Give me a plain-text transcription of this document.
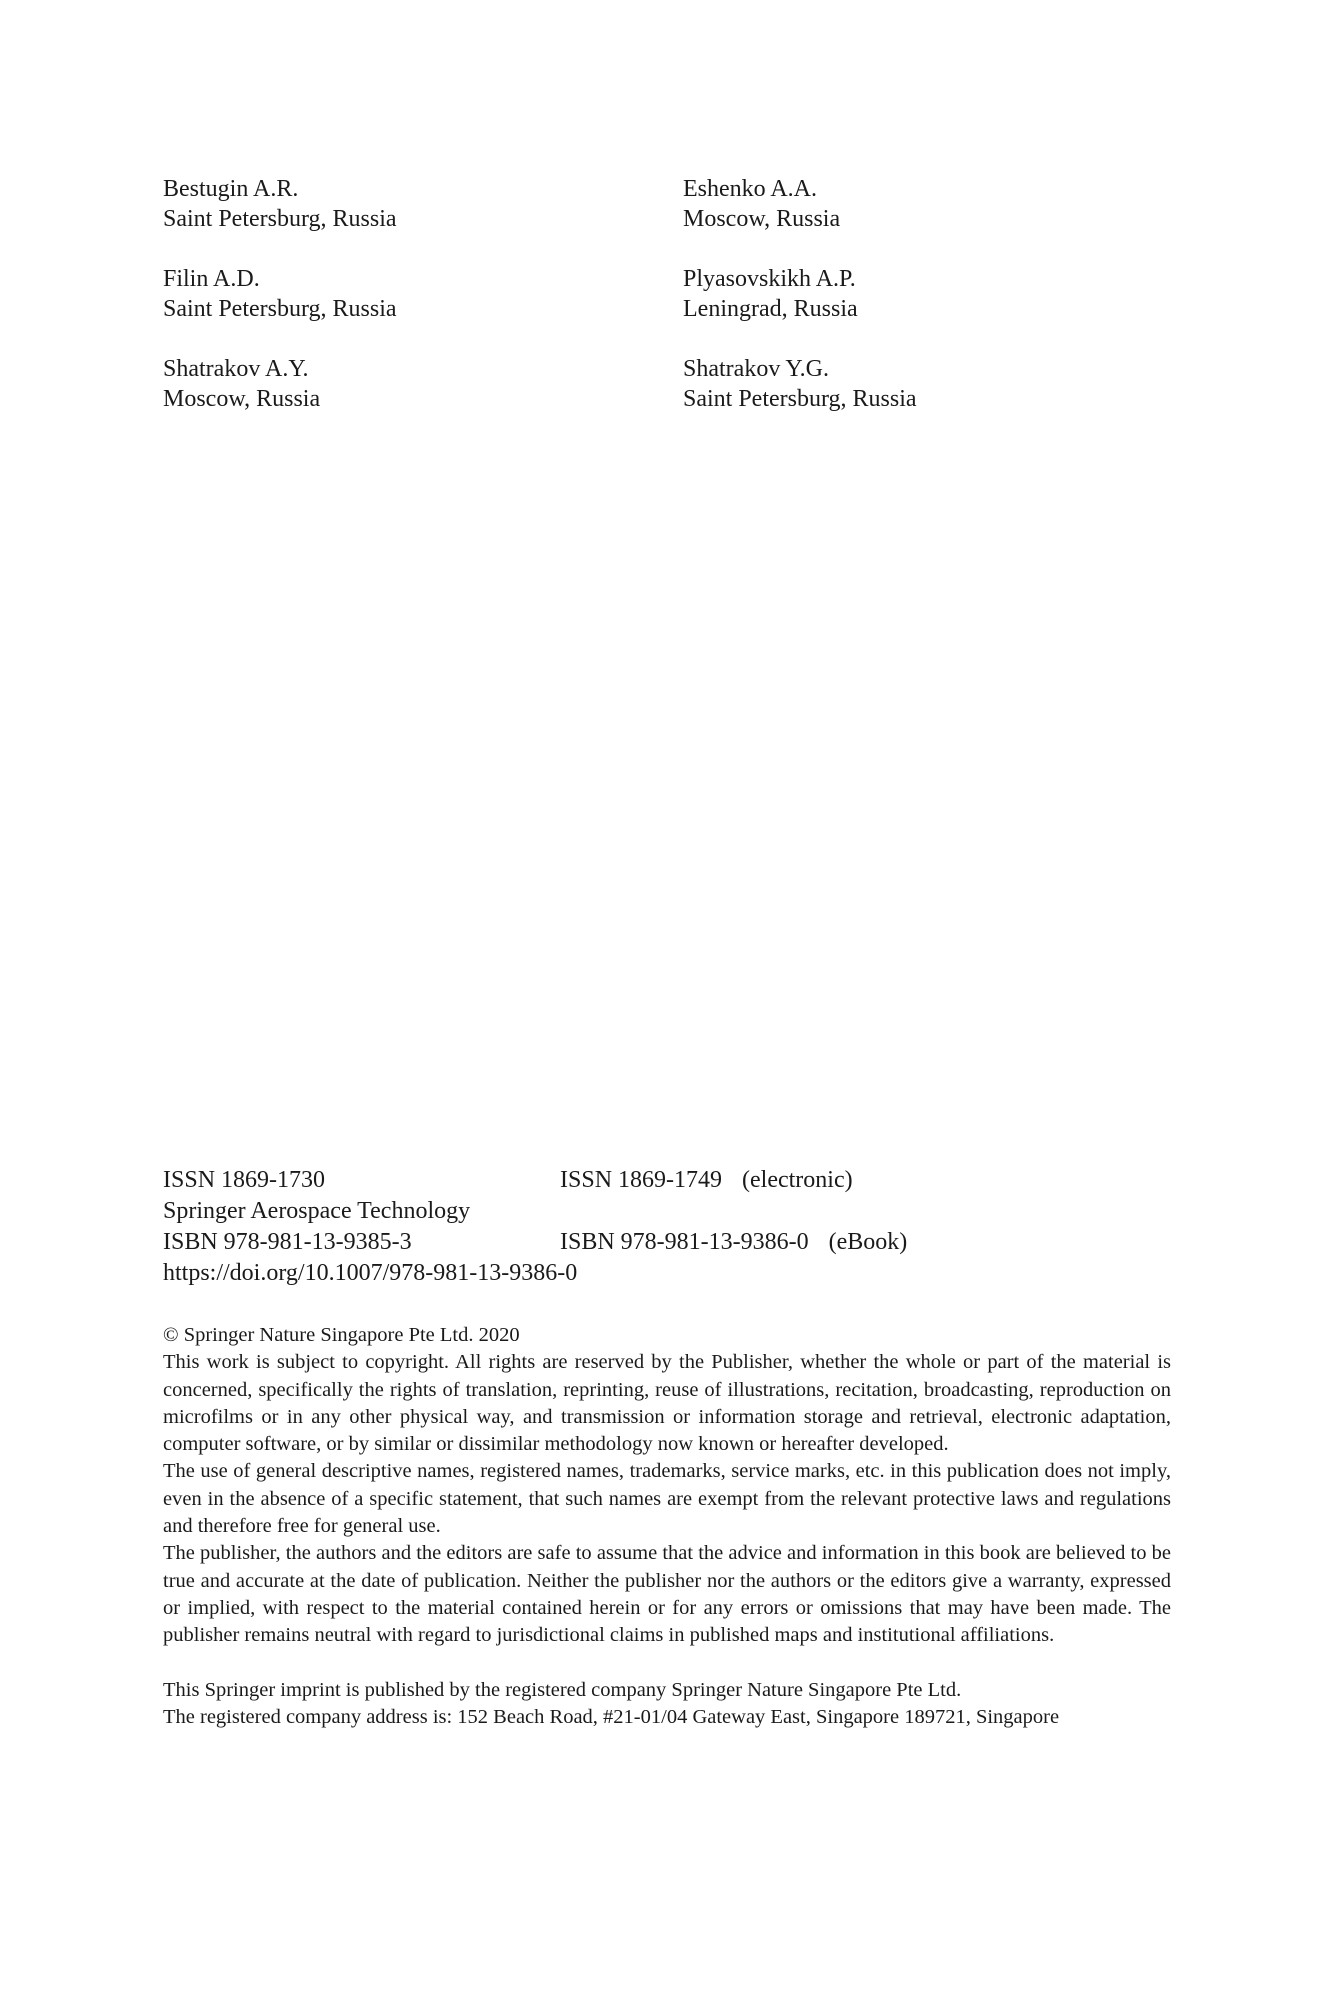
Bestugin A.R.
Saint Petersburg, Russia
Eshenko A.A.
Moscow, Russia
Filin A.D.
Saint Petersburg, Russia
Plyasovskikh A.P.
Leningrad, Russia
Shatrakov A.Y.
Moscow, Russia
Shatrakov Y.G.
Saint Petersburg, Russia
ISSN 1869-1730	ISSN 1869-1749 (electronic)
Springer Aerospace Technology
ISBN 978-981-13-9385-3	ISBN 978-981-13-9386-0 (eBook)
https://doi.org/10.1007/978-981-13-9386-0

© Springer Nature Singapore Pte Ltd. 2020

This work is subject to copyright. All rights are reserved by the Publisher, whether the whole or part of the material is concerned, specifically the rights of translation, reprinting, reuse of illustrations, recitation, broadcasting, reproduction on microfilms or in any other physical way, and transmission or information storage and retrieval, electronic adaptation, computer software, or by similar or dissimilar methodology now known or hereafter developed.

The use of general descriptive names, registered names, trademarks, service marks, etc. in this publication does not imply, even in the absence of a specific statement, that such names are exempt from the relevant protective laws and regulations and therefore free for general use.

The publisher, the authors and the editors are safe to assume that the advice and information in this book are believed to be true and accurate at the date of publication. Neither the publisher nor the authors or the editors give a warranty, expressed or implied, with respect to the material contained herein or for any errors or omissions that may have been made. The publisher remains neutral with regard to jurisdictional claims in published maps and institutional affiliations.

This Springer imprint is published by the registered company Springer Nature Singapore Pte Ltd.

The registered company address is: 152 Beach Road, #21-01/04 Gateway East, Singapore 189721, Singapore
